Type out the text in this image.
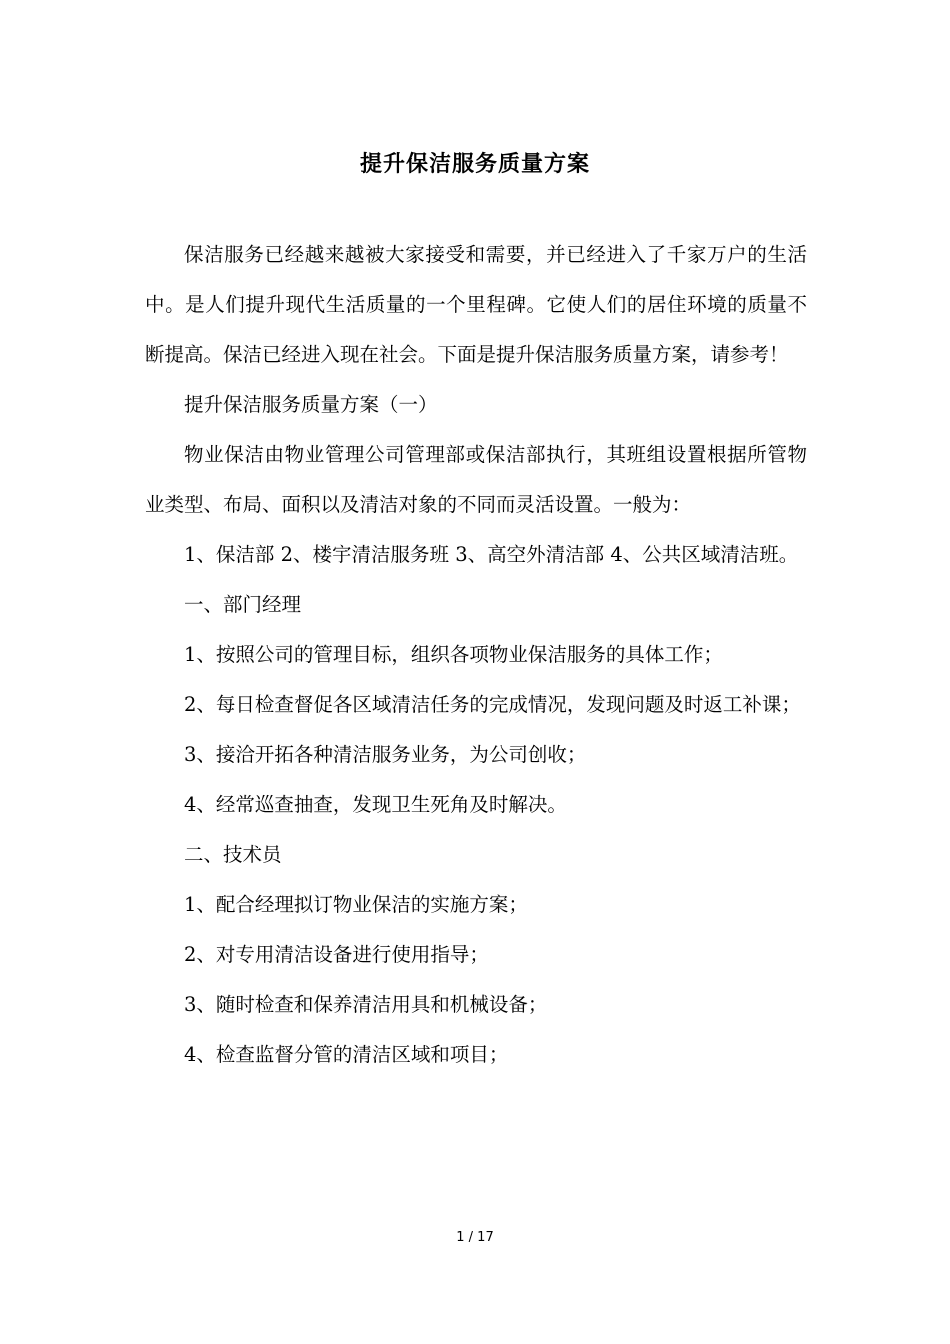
提升保洁服务质量方案

保洁服务已经越来越被大家接受和需要，并已经进入了千家万户的生活中。是人们提升现代生活质量的一个里程碑。它使人们的居住环境的质量不断提高。保洁已经进入现在社会。下面是提升保洁服务质量方案，请参考！

提升保洁服务质量方案（一）

物业保洁由物业管理公司管理部或保洁部执行，其班组设置根据所管物业类型、布局、面积以及清洁对象的不同而灵活设置。一般为：

1、保洁部 2、楼宇清洁服务班 3、高空外清洁部 4、公共区域清洁班。

一、部门经理

1、按照公司的管理目标，组织各项物业保洁服务的具体工作；

2、每日检查督促各区域清洁任务的完成情况，发现问题及时返工补课；

3、接洽开拓各种清洁服务业务，为公司创收；

4、经常巡查抽查，发现卫生死角及时解决。

二、技术员

1、配合经理拟订物业保洁的实施方案；

2、对专用清洁设备进行使用指导；

3、随时检查和保养清洁用具和机械设备；

4、检查监督分管的清洁区域和项目；

1 / 17
